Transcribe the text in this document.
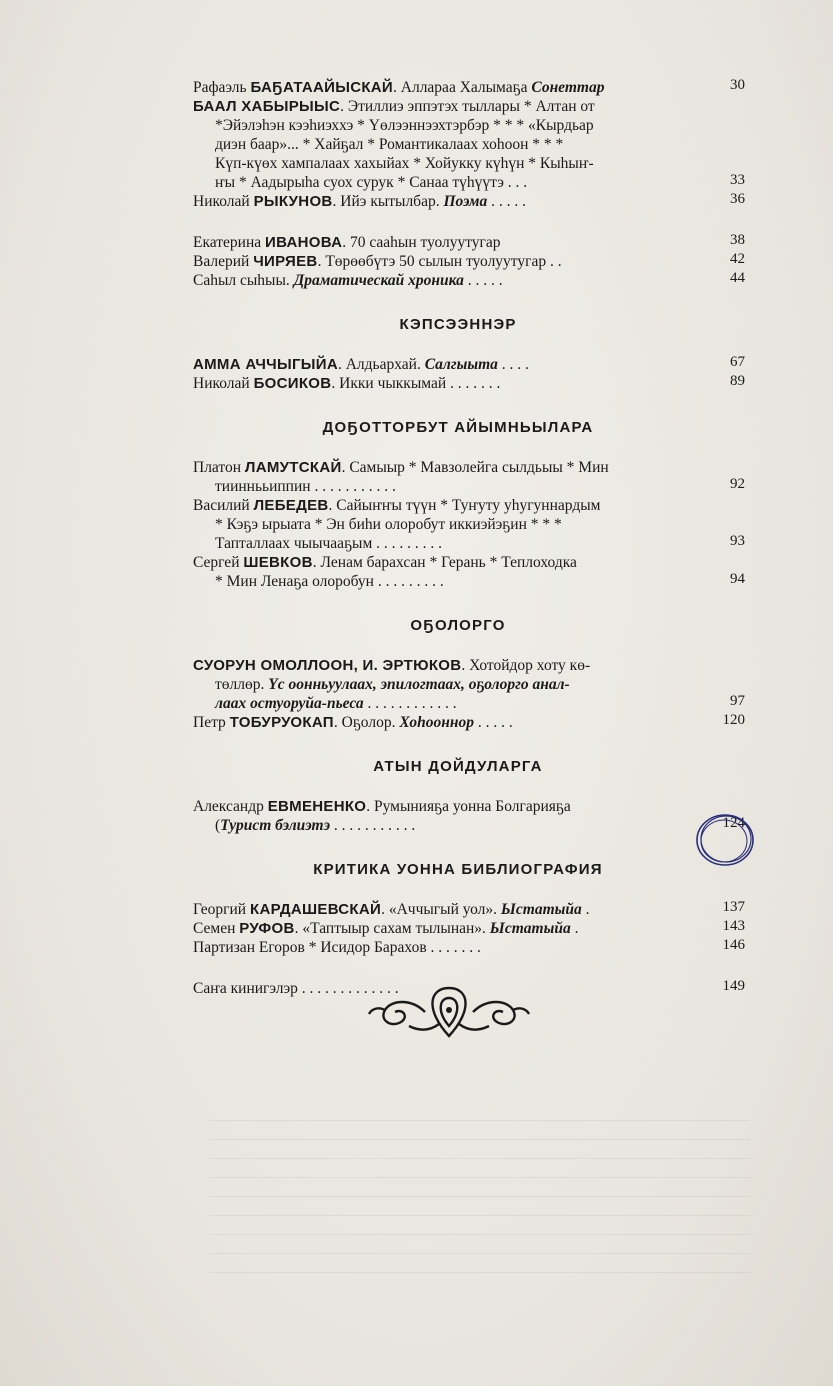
Рафаэль БАҔАТААЙЫСКАЙ. Аллараа Халымаҕа Сонеттар	30
БААЛ ХАБЫРЫЫС. Этиллиэ эппэтэх тыллары * Алтан от
*Эйэлэһэн кээһиэххэ * Үөлээннээхтэрбэр * * * «Кырдьар
диэн баар»... * Хайҕал * Романтикалаах хоһоон * * *
Күп-күөх хампалаах хахыйах * Хойукку күһүн * Кыһыҥ-
ҥы * Аадырыһа суох сурук * Санаа түһүүтэ . . .	33
Николай РЫКУНОВ. Ийэ кытылбар. Поэма . . . . .	36
Екатерина ИВАНОВА. 70 сааһын туолуутугар	38
Валерий ЧИРЯЕВ. Төрөөбүтэ 50 сылын туолуутугар . .	42
Саһыл сыһыы. Драматическай хроника . . . . .	44
КЭПСЭЭННЭР
АММА АЧЧЫГЫЙА. Алдьархай. Салгыыта . . . .	67
Николай БОСИКОВ. Икки чыккымай . . . . . . .	89
ДОҔОТТОРБУТ АЙЫМНЬЫЛАРА
Платон ЛАМУТСКАЙ. Самыыр * Мавзолейга сылдьыы * Мин
тииннььиппин . . . . . . . . . . .	92
Василий ЛЕБЕДЕВ. Сайыҥҥы түүн * Туҥуту уһугуннардым
* Кэҕэ ырыата * Эн биһи олоробут иккиэйэҕин * * *
Тапталлаах чыычааҕым . . . . . . . . .	93
Сергей ШЕВКОВ. Ленам барахсан * Герань * Теплоходка
* Мин Ленаҕа олоробун . . . . . . . . .	94
ОҔОЛОРГО
СУОРУН ОМОЛЛООН, И. ЭРТЮКОВ. Хотойдор хоту кө-
төллөр. Үс оонньуулаах, эпилогтаах, оҕолорго анал-
лаах остуоруйа-пьеса . . . . . . . . . . . .	97
Петр ТОБУРУОКАП. Оҕолор. Хоһооннор . . . . .	120
АТЫН ДОЙДУЛАРГА
Александр ЕВМЕНЕНКО. Румынияҕа уонна Болгарияҕа
(Турист бэлиэтэ . . . . . . . . . . .	124
КРИТИКА УОННА БИБЛИОГРАФИЯ
Георгий КАРДАШЕВСКАЙ. «Аччыгый уол». Ыстатыйа .	137
Семен РУФОВ. «Таптыыр сахам тылынан». Ыстатыйа .	143
Партизан Егоров * Исидор Барахов . . . . . . .	146
Саҥа кинигэлэр . . . . . . . . . . . . .	149
